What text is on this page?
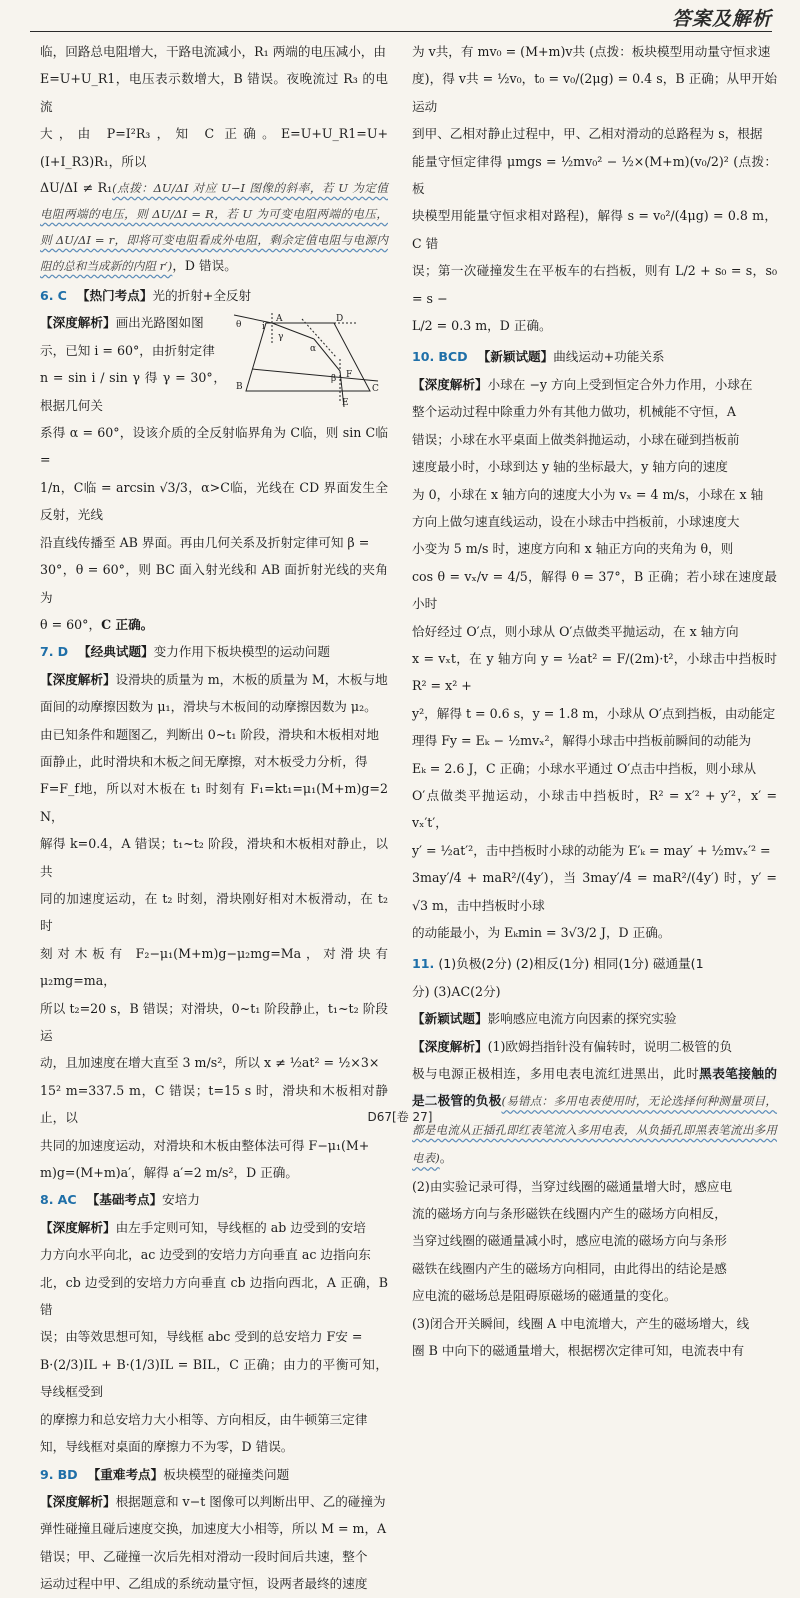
答案及解析

临，回路总电阻增大，干路电流减小，R₁ 两端的电压减小，由

E=U+U_R1，电压表示数增大，B 错误。夜晚流过 R₃ 的电流

大，由 P=I²R₃，知 C 正确。E=U+U_R1=U+(I+I_R3)R₁，所以

ΔU/ΔI ≠ R₁(点拨：ΔU/ΔI 对应 U−I 图像的斜率，若 U 为定值电阻两端的电压，则 ΔU/ΔI = R，若 U 为可变电阻两端的电压，则 ΔU/ΔI = r，即将可变电阻看成外电阻，剩余定值电阻与电源内阻的总和当成新的内阻 r′)，D 错误。

6. C 【热门考点】光的折射+全反射

A
B	C
D
E
F
θ i
α
β
γ

【深度解析】画出光路图如图

示，已知 i = 60°，由折射定律

n = sin i / sin γ 得 γ = 30°，根据几何关

系得 α = 60°，设该介质的全反射临界角为 C临，则 sin C临 =

1/n，C临 = arcsin √3/3，α>C临，光线在 CD 界面发生全反射，光线

沿直线传播至 AB 界面。再由几何关系及折射定律可知 β =

30°，θ = 60°，则 BC 面入射光线和 AB 面折射光线的夹角为

θ = 60°，C 正确。

7. D 【经典试题】变力作用下板块模型的运动问题

【深度解析】设滑块的质量为 m，木板的质量为 M，木板与地

面间的动摩擦因数为 μ₁，滑块与木板间的动摩擦因数为 μ₂。

由已知条件和题图乙，判断出 0~t₁ 阶段，滑块和木板相对地

面静止，此时滑块和木板之间无摩擦，对木板受力分析，得

F=F_f地，所以对木板在 t₁ 时刻有 F₁=kt₁=μ₁(M+m)g=2 N，

解得 k=0.4，A 错误；t₁~t₂ 阶段，滑块和木板相对静止，以共

同的加速度运动，在 t₂ 时刻，滑块刚好相对木板滑动，在 t₂ 时

刻对木板有 F₂−μ₁(M+m)g−μ₂mg=Ma，对滑块有 μ₂mg=ma，

所以 t₂=20 s，B 错误；对滑块，0~t₁ 阶段静止，t₁~t₂ 阶段运

动，且加速度在增大直至 3 m/s²，所以 x ≠ ½at² = ½×3×

15² m=337.5 m，C 错误；t=15 s 时，滑块和木板相对静止，以

共同的加速度运动，对滑块和木板由整体法可得 F−μ₁(M+

m)g=(M+m)a′，解得 a′=2 m/s²，D 正确。

8. AC 【基础考点】安培力

【深度解析】由左手定则可知，导线框的 ab 边受到的安培

力方向水平向北，ac 边受到的安培力方向垂直 ac 边指向东

北，cb 边受到的安培力方向垂直 cb 边指向西北，A 正确，B 错

误；由等效思想可知，导线框 abc 受到的总安培力 F安 =

B·(2/3)IL + B·(1/3)IL = BIL，C 正确；由力的平衡可知，导线框受到

的摩擦力和总安培力大小相等、方向相反，由牛顿第三定律

知，导线框对桌面的摩擦力不为零，D 错误。

9. BD 【重难考点】板块模型的碰撞类问题

【深度解析】根据题意和 v−t 图像可以判断出甲、乙的碰撞为

弹性碰撞且碰后速度交换，加速度大小相等，所以 M = m，A

错误；甲、乙碰撞一次后先相对滑动一段时间后共速，整个

运动过程中甲、乙组成的系统动量守恒，设两者最终的速度

为 v共，有 mv₀ = (M+m)v共 (点拨：板块模型用动量守恒求速

度)，得 v共 = ½v₀，t₀ = v₀/(2μg) = 0.4 s，B 正确；从甲开始运动

到甲、乙相对静止过程中，甲、乙相对滑动的总路程为 s，根据

能量守恒定律得 μmgs = ½mv₀² − ½×(M+m)(v₀/2)² (点拨：板

块模型用能量守恒求相对路程)，解得 s = v₀²/(4μg) = 0.8 m，C 错

误；第一次碰撞发生在平板车的右挡板，则有 L/2 + s₀ = s，s₀ = s −

L/2 = 0.3 m，D 正确。

10. BCD 【新颖试题】曲线运动+功能关系

【深度解析】小球在 −y 方向上受到恒定合外力作用，小球在

整个运动过程中除重力外有其他力做功，机械能不守恒，A

错误；小球在水平桌面上做类斜抛运动，小球在碰到挡板前

速度最小时，小球到达 y 轴的坐标最大，y 轴方向的速度

为 0，小球在 x 轴方向的速度大小为 vₓ = 4 m/s，小球在 x 轴

方向上做匀速直线运动，设在小球击中挡板前，小球速度大

小变为 5 m/s 时，速度方向和 x 轴正方向的夹角为 θ，则

cos θ = vₓ/v = 4/5，解得 θ = 37°，B 正确；若小球在速度最小时

恰好经过 O′点，则小球从 O′点做类平抛运动，在 x 轴方向

x = vₓt，在 y 轴方向 y = ½at² = F/(2m)·t²，小球击中挡板时 R² = x² +

y²，解得 t = 0.6 s，y = 1.8 m，小球从 O′点到挡板，由动能定

理得 Fy = Eₖ − ½mvₓ²，解得小球击中挡板前瞬间的动能为

Eₖ = 2.6 J，C 正确；小球水平通过 O′点击中挡板，则小球从

O′点做类平抛运动，小球击中挡板时，R² = x′² + y′²，x′ = vₓ′t′，

y′ = ½at′²，击中挡板时小球的动能为 E′ₖ = may′ + ½mvₓ′² =

3may′/4 + maR²/(4y′)，当 3may′/4 = maR²/(4y′) 时，y′ = √3 m，击中挡板时小球

的动能最小，为 Eₖmin = 3√3/2 J，D 正确。

11. (1)负极(2分) (2)相反(1分) 相同(1分) 磁通量(1

分) (3)AC(2分)

【新颖试题】影响感应电流方向因素的探究实验

【深度解析】(1)欧姆挡指针没有偏转时，说明二极管的负

极与电源正极相连，多用电表电流红进黑出，此时黑表笔接触的是二极管的负极(易错点：多用电表使用时，无论选择何种测量项目，都是电流从正插孔即红表笔流入多用电表，从负插孔即黑表笔流出多用电表)。

(2)由实验记录可得，当穿过线圈的磁通量增大时，感应电

流的磁场方向与条形磁铁在线圈内产生的磁场方向相反，

当穿过线圈的磁通量减小时，感应电流的磁场方向与条形

磁铁在线圈内产生的磁场方向相同，由此得出的结论是感

应电流的磁场总是阻碍原磁场的磁通量的变化。

(3)闭合开关瞬间，线圈 A 中电流增大，产生的磁场增大，线

圈 B 中向下的磁通量增大，根据楞次定律可知，电流表中有

D67[卷 27]
